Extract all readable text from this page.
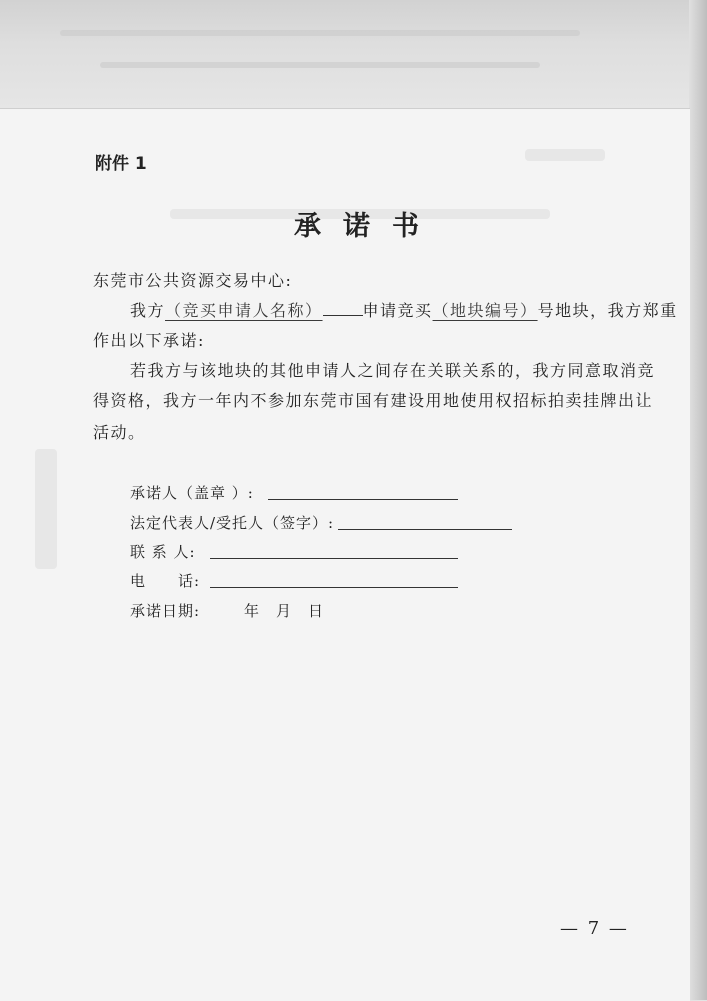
附件 1
承诺书
东莞市公共资源交易中心:
我方（竞买申请人名称）	申请竞买（地块编号）号地块，我方郑重
作出以下承诺:
若我方与该地块的其他申请人之间存在关联关系的，我方同意取消竞
得资格，我方一年内不参加东莞市国有建设用地使用权招标拍卖挂牌出让
活动。
承诺人（盖章 ）:
法定代表人/受托人（签字）:
联 系 人:
电　　话:
承诺日期:	年　月　日
— 7 —
